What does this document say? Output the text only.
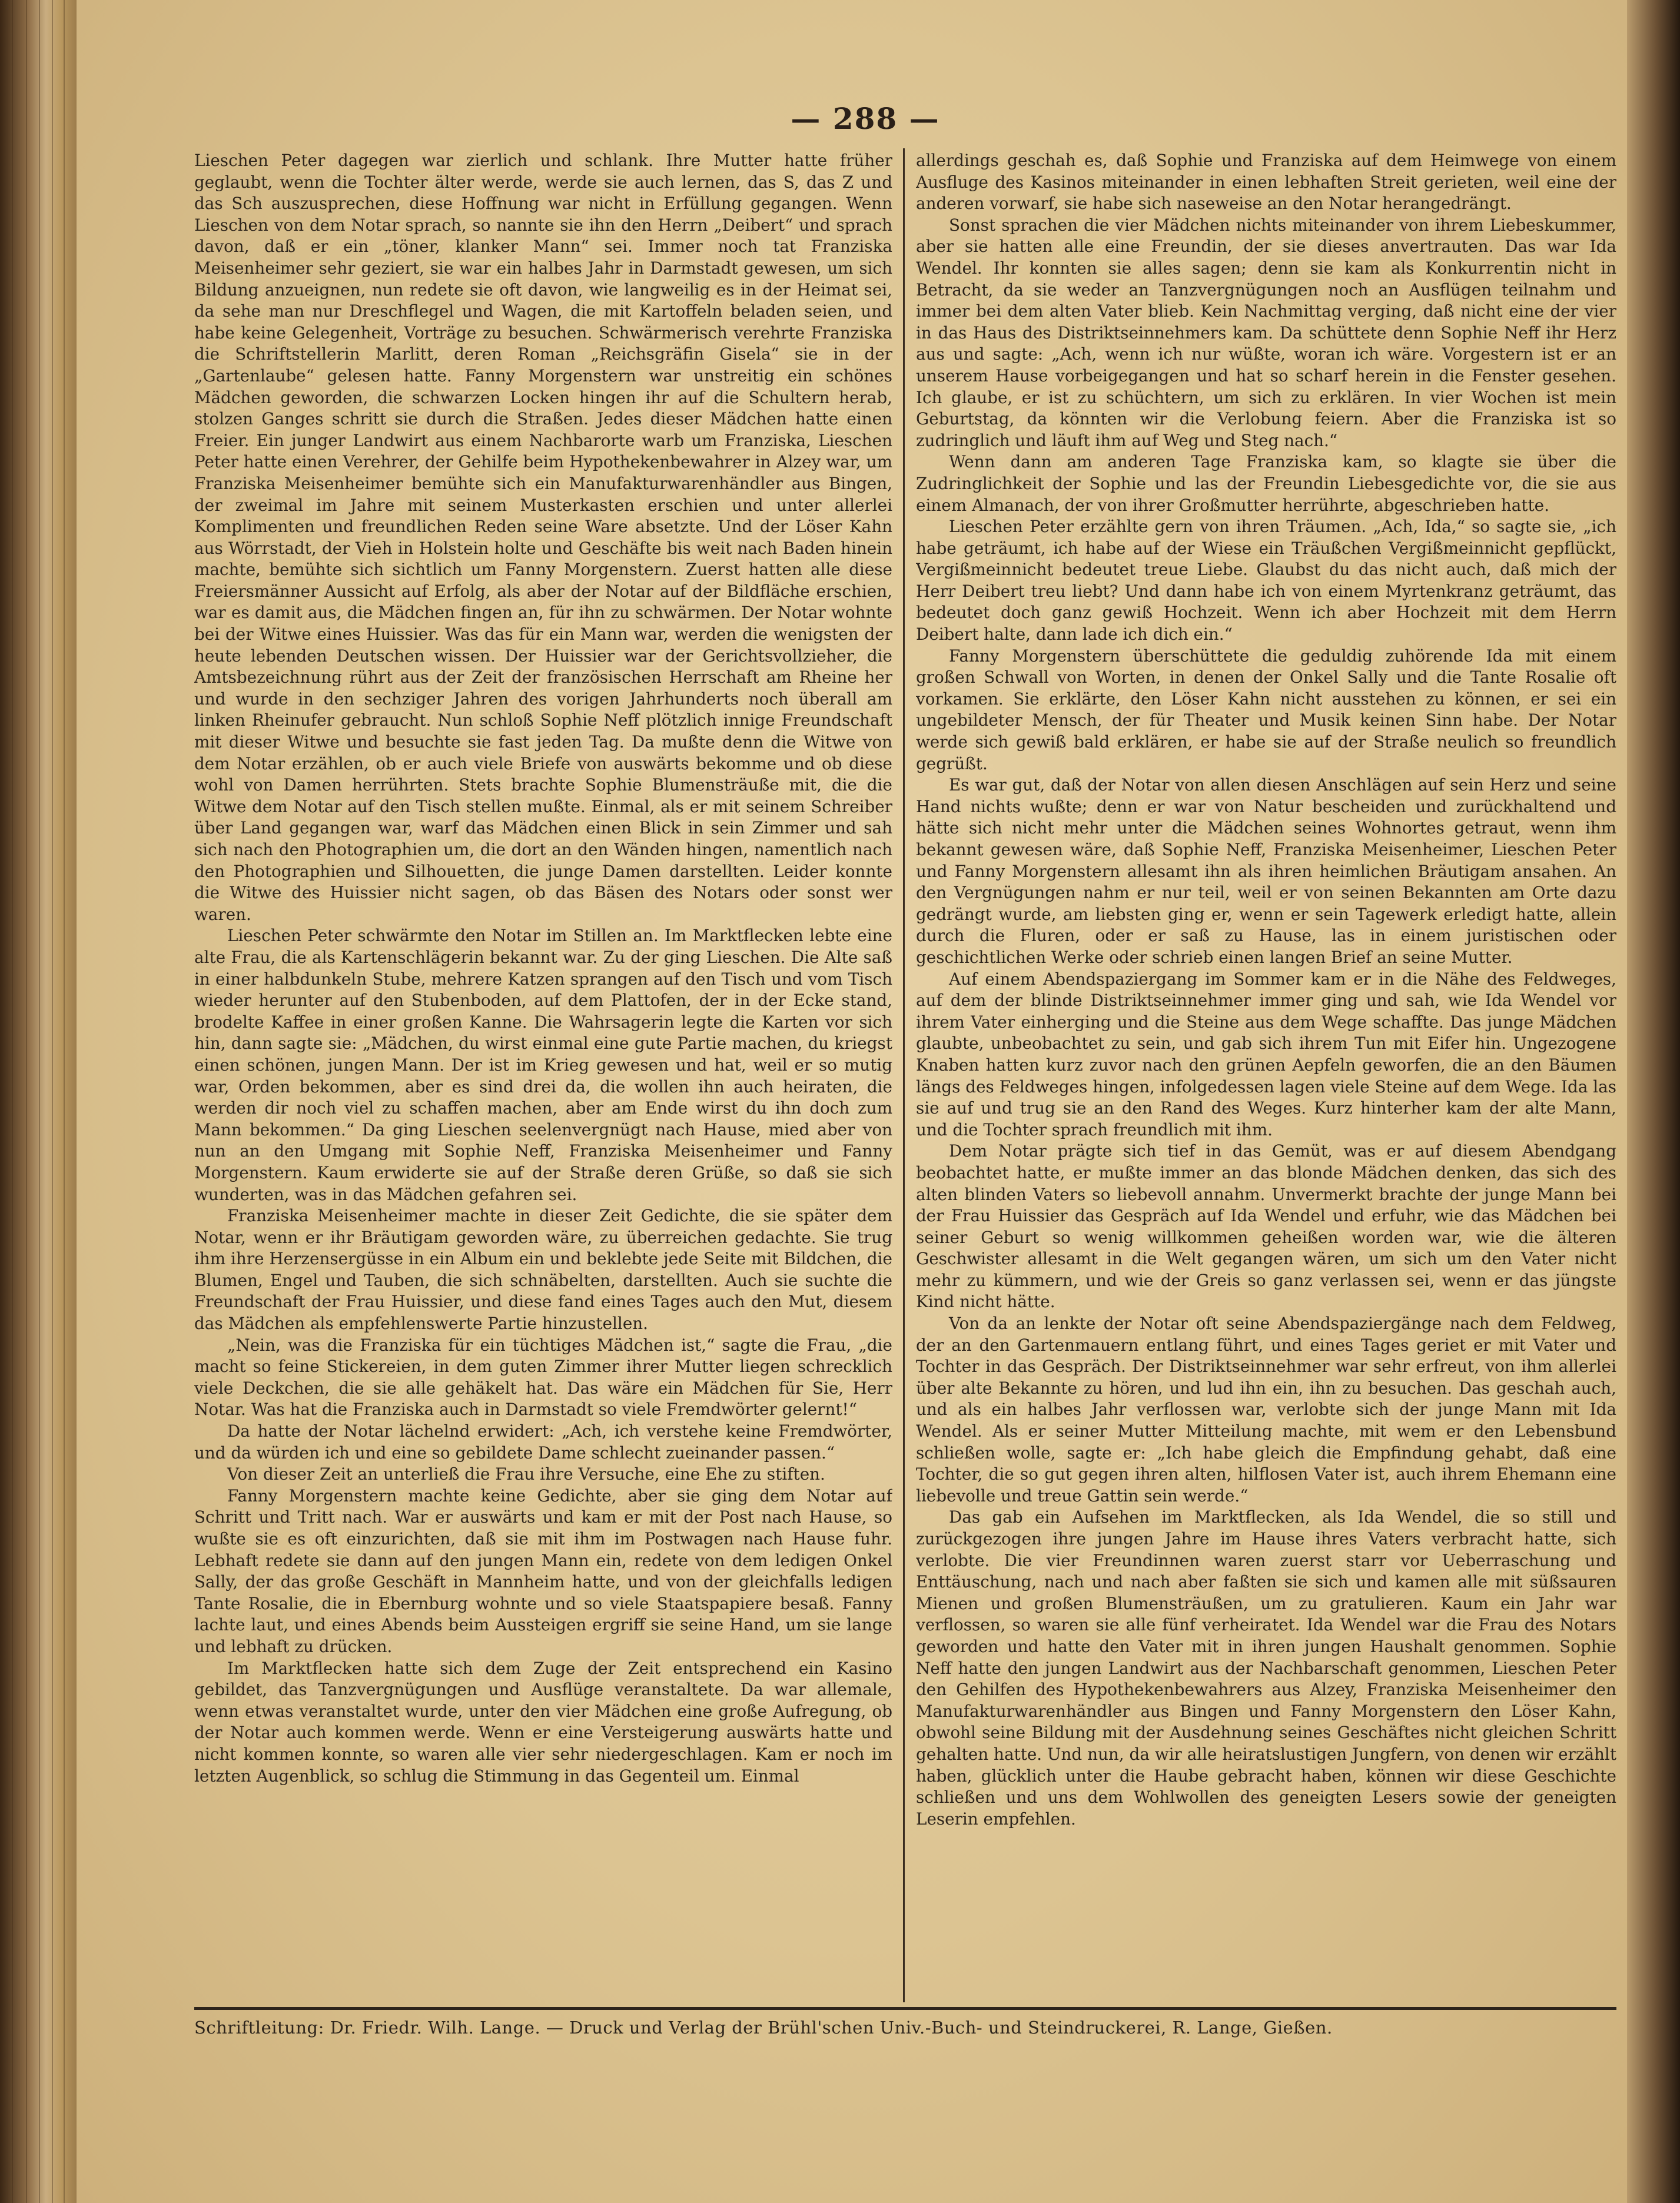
— 288 —

Lieschen Peter dagegen war zierlich und schlank. Ihre Mutter hatte früher geglaubt, wenn die Tochter älter werde, werde sie auch lernen, das S, das Z und das Sch auszusprechen, diese Hoffnung war nicht in Erfüllung gegangen. Wenn Lieschen von dem Notar sprach, so nannte sie ihn den Herrn „Deibert“ und sprach davon, daß er ein „töner, klanker Mann“ sei. Immer noch tat Franziska Meisenheimer sehr geziert, sie war ein halbes Jahr in Darmstadt gewesen, um sich Bildung anzueignen, nun redete sie oft davon, wie langweilig es in der Heimat sei, da sehe man nur Dreschflegel und Wagen, die mit Kartoffeln beladen seien, und habe keine Gelegenheit, Vorträge zu besuchen. Schwärmerisch verehrte Franziska die Schriftstellerin Marlitt, deren Roman „Reichsgräfin Gisela“ sie in der „Gartenlaube“ gelesen hatte. Fanny Morgenstern war unstreitig ein schönes Mädchen geworden, die schwarzen Locken hingen ihr auf die Schultern herab, stolzen Ganges schritt sie durch die Straßen. Jedes dieser Mädchen hatte einen Freier. Ein junger Landwirt aus einem Nachbarorte warb um Franziska, Lieschen Peter hatte einen Verehrer, der Gehilfe beim Hypothekenbewahrer in Alzey war, um Franziska Meisenheimer bemühte sich ein Manufakturwarenhändler aus Bingen, der zweimal im Jahre mit seinem Musterkasten erschien und unter allerlei Komplimenten und freundlichen Reden seine Ware absetzte. Und der Löser Kahn aus Wörrstadt, der Vieh in Holstein holte und Geschäfte bis weit nach Baden hinein machte, bemühte sich sichtlich um Fanny Morgenstern. Zuerst hatten alle diese Freiersmänner Aussicht auf Erfolg, als aber der Notar auf der Bildfläche erschien, war es damit aus, die Mädchen fingen an, für ihn zu schwärmen. Der Notar wohnte bei der Witwe eines Huissier. Was das für ein Mann war, werden die wenigsten der heute lebenden Deutschen wissen. Der Huissier war der Gerichtsvollzieher, die Amtsbezeichnung rührt aus der Zeit der französischen Herrschaft am Rheine her und wurde in den sechziger Jahren des vorigen Jahrhunderts noch überall am linken Rheinufer gebraucht. Nun schloß Sophie Neff plötzlich innige Freundschaft mit dieser Witwe und besuchte sie fast jeden Tag. Da mußte denn die Witwe von dem Notar erzählen, ob er auch viele Briefe von auswärts bekomme und ob diese wohl von Damen herrührten. Stets brachte Sophie Blumensträuße mit, die die Witwe dem Notar auf den Tisch stellen mußte. Einmal, als er mit seinem Schreiber über Land gegangen war, warf das Mädchen einen Blick in sein Zimmer und sah sich nach den Photographien um, die dort an den Wänden hingen, namentlich nach den Photographien und Silhouetten, die junge Damen darstellten. Leider konnte die Witwe des Huissier nicht sagen, ob das Bäsen des Notars oder sonst wer waren.

Lieschen Peter schwärmte den Notar im Stillen an. Im Marktflecken lebte eine alte Frau, die als Kartenschlägerin bekannt war. Zu der ging Lieschen. Die Alte saß in einer halbdunkeln Stube, mehrere Katzen sprangen auf den Tisch und vom Tisch wieder herunter auf den Stubenboden, auf dem Plattofen, der in der Ecke stand, brodelte Kaffee in einer großen Kanne. Die Wahrsagerin legte die Karten vor sich hin, dann sagte sie: „Mädchen, du wirst einmal eine gute Partie machen, du kriegst einen schönen, jungen Mann. Der ist im Krieg gewesen und hat, weil er so mutig war, Orden bekommen, aber es sind drei da, die wollen ihn auch heiraten, die werden dir noch viel zu schaffen machen, aber am Ende wirst du ihn doch zum Mann bekommen.“ Da ging Lieschen seelenvergnügt nach Hause, mied aber von nun an den Umgang mit Sophie Neff, Franziska Meisenheimer und Fanny Morgenstern. Kaum erwiderte sie auf der Straße deren Grüße, so daß sie sich wunderten, was in das Mädchen gefahren sei.

Franziska Meisenheimer machte in dieser Zeit Gedichte, die sie später dem Notar, wenn er ihr Bräutigam geworden wäre, zu überreichen gedachte. Sie trug ihm ihre Herzensergüsse in ein Album ein und beklebte jede Seite mit Bildchen, die Blumen, Engel und Tauben, die sich schnäbelten, darstellten. Auch sie suchte die Freundschaft der Frau Huissier, und diese fand eines Tages auch den Mut, diesem das Mädchen als empfehlenswerte Partie hinzustellen.

„Nein, was die Franziska für ein tüchtiges Mädchen ist,“ sagte die Frau, „die macht so feine Stickereien, in dem guten Zimmer ihrer Mutter liegen schrecklich viele Deckchen, die sie alle gehäkelt hat. Das wäre ein Mädchen für Sie, Herr Notar. Was hat die Franziska auch in Darmstadt so viele Fremdwörter gelernt!“

Da hatte der Notar lächelnd erwidert: „Ach, ich verstehe keine Fremdwörter, und da würden ich und eine so gebildete Dame schlecht zueinander passen.“

Von dieser Zeit an unterließ die Frau ihre Versuche, eine Ehe zu stiften.

Fanny Morgenstern machte keine Gedichte, aber sie ging dem Notar auf Schritt und Tritt nach. War er auswärts und kam er mit der Post nach Hause, so wußte sie es oft einzurichten, daß sie mit ihm im Postwagen nach Hause fuhr. Lebhaft redete sie dann auf den jungen Mann ein, redete von dem ledigen Onkel Sally, der das große Geschäft in Mannheim hatte, und von der gleichfalls ledigen Tante Rosalie, die in Ebernburg wohnte und so viele Staatspapiere besaß. Fanny lachte laut, und eines Abends beim Aussteigen ergriff sie seine Hand, um sie lange und lebhaft zu drücken.

Im Marktflecken hatte sich dem Zuge der Zeit entsprechend ein Kasino gebildet, das Tanzvergnügungen und Ausflüge veranstaltete. Da war allemale, wenn etwas veranstaltet wurde, unter den vier Mädchen eine große Aufregung, ob der Notar auch kommen werde. Wenn er eine Versteigerung auswärts hatte und nicht kommen konnte, so waren alle vier sehr niedergeschlagen. Kam er noch im letzten Augenblick, so schlug die Stimmung in das Gegenteil um. Einmal

allerdings geschah es, daß Sophie und Franziska auf dem Heimwege von einem Ausfluge des Kasinos miteinander in einen lebhaften Streit gerieten, weil eine der anderen vorwarf, sie habe sich naseweise an den Notar herangedrängt.

Sonst sprachen die vier Mädchen nichts miteinander von ihrem Liebeskummer, aber sie hatten alle eine Freundin, der sie dieses anvertrauten. Das war Ida Wendel. Ihr konnten sie alles sagen; denn sie kam als Konkurrentin nicht in Betracht, da sie weder an Tanzvergnügungen noch an Ausflügen teilnahm und immer bei dem alten Vater blieb. Kein Nachmittag verging, daß nicht eine der vier in das Haus des Distriktseinnehmers kam. Da schüttete denn Sophie Neff ihr Herz aus und sagte: „Ach, wenn ich nur wüßte, woran ich wäre. Vorgestern ist er an unserem Hause vorbeigegangen und hat so scharf herein in die Fenster gesehen. Ich glaube, er ist zu schüchtern, um sich zu erklären. In vier Wochen ist mein Geburtstag, da könnten wir die Verlobung feiern. Aber die Franziska ist so zudringlich und läuft ihm auf Weg und Steg nach.“

Wenn dann am anderen Tage Franziska kam, so klagte sie über die Zudringlichkeit der Sophie und las der Freundin Liebesgedichte vor, die sie aus einem Almanach, der von ihrer Großmutter herrührte, abgeschrieben hatte.

Lieschen Peter erzählte gern von ihren Träumen. „Ach, Ida,“ so sagte sie, „ich habe geträumt, ich habe auf der Wiese ein Träußchen Vergißmeinnicht gepflückt, Vergißmeinnicht bedeutet treue Liebe. Glaubst du das nicht auch, daß mich der Herr Deibert treu liebt? Und dann habe ich von einem Myrtenkranz geträumt, das bedeutet doch ganz gewiß Hochzeit. Wenn ich aber Hochzeit mit dem Herrn Deibert halte, dann lade ich dich ein.“

Fanny Morgenstern überschüttete die geduldig zuhörende Ida mit einem großen Schwall von Worten, in denen der Onkel Sally und die Tante Rosalie oft vorkamen. Sie erklärte, den Löser Kahn nicht ausstehen zu können, er sei ein ungebildeter Mensch, der für Theater und Musik keinen Sinn habe. Der Notar werde sich gewiß bald erklären, er habe sie auf der Straße neulich so freundlich gegrüßt.

Es war gut, daß der Notar von allen diesen Anschlägen auf sein Herz und seine Hand nichts wußte; denn er war von Natur bescheiden und zurückhaltend und hätte sich nicht mehr unter die Mädchen seines Wohnortes getraut, wenn ihm bekannt gewesen wäre, daß Sophie Neff, Franziska Meisenheimer, Lieschen Peter und Fanny Morgenstern allesamt ihn als ihren heimlichen Bräutigam ansahen. An den Vergnügungen nahm er nur teil, weil er von seinen Bekannten am Orte dazu gedrängt wurde, am liebsten ging er, wenn er sein Tagewerk erledigt hatte, allein durch die Fluren, oder er saß zu Hause, las in einem juristischen oder geschichtlichen Werke oder schrieb einen langen Brief an seine Mutter.

Auf einem Abendspaziergang im Sommer kam er in die Nähe des Feldweges, auf dem der blinde Distriktseinnehmer immer ging und sah, wie Ida Wendel vor ihrem Vater einherging und die Steine aus dem Wege schaffte. Das junge Mädchen glaubte, unbeobachtet zu sein, und gab sich ihrem Tun mit Eifer hin. Ungezogene Knaben hatten kurz zuvor nach den grünen Aepfeln geworfen, die an den Bäumen längs des Feldweges hingen, infolgedessen lagen viele Steine auf dem Wege. Ida las sie auf und trug sie an den Rand des Weges. Kurz hinterher kam der alte Mann, und die Tochter sprach freundlich mit ihm.

Dem Notar prägte sich tief in das Gemüt, was er auf diesem Abendgang beobachtet hatte, er mußte immer an das blonde Mädchen denken, das sich des alten blinden Vaters so liebevoll annahm. Unvermerkt brachte der junge Mann bei der Frau Huissier das Gespräch auf Ida Wendel und erfuhr, wie das Mädchen bei seiner Geburt so wenig willkommen geheißen worden war, wie die älteren Geschwister allesamt in die Welt gegangen wären, um sich um den Vater nicht mehr zu kümmern, und wie der Greis so ganz verlassen sei, wenn er das jüngste Kind nicht hätte.

Von da an lenkte der Notar oft seine Abendspaziergänge nach dem Feldweg, der an den Gartenmauern entlang führt, und eines Tages geriet er mit Vater und Tochter in das Gespräch. Der Distriktseinnehmer war sehr erfreut, von ihm allerlei über alte Bekannte zu hören, und lud ihn ein, ihn zu besuchen. Das geschah auch, und als ein halbes Jahr verflossen war, verlobte sich der junge Mann mit Ida Wendel. Als er seiner Mutter Mitteilung machte, mit wem er den Lebensbund schließen wolle, sagte er: „Ich habe gleich die Empfindung gehabt, daß eine Tochter, die so gut gegen ihren alten, hilflosen Vater ist, auch ihrem Ehemann eine liebevolle und treue Gattin sein werde.“

Das gab ein Aufsehen im Marktflecken, als Ida Wendel, die so still und zurückgezogen ihre jungen Jahre im Hause ihres Vaters verbracht hatte, sich verlobte. Die vier Freundinnen waren zuerst starr vor Ueberraschung und Enttäuschung, nach und nach aber faßten sie sich und kamen alle mit süßsauren Mienen und großen Blumensträußen, um zu gratulieren. Kaum ein Jahr war verflossen, so waren sie alle fünf verheiratet. Ida Wendel war die Frau des Notars geworden und hatte den Vater mit in ihren jungen Haushalt genommen. Sophie Neff hatte den jungen Landwirt aus der Nachbarschaft genommen, Lieschen Peter den Gehilfen des Hypothekenbewahrers aus Alzey, Franziska Meisenheimer den Manufakturwarenhändler aus Bingen und Fanny Morgenstern den Löser Kahn, obwohl seine Bildung mit der Ausdehnung seines Geschäftes nicht gleichen Schritt gehalten hatte. Und nun, da wir alle heiratslustigen Jungfern, von denen wir erzählt haben, glücklich unter die Haube gebracht haben, können wir diese Geschichte schließen und uns dem Wohlwollen des geneigten Lesers sowie der geneigten Leserin empfehlen.

Schriftleitung: Dr. Friedr. Wilh. Lange. — Druck und Verlag der Brühl'schen Univ.-Buch- und Steindruckerei, R. Lange, Gießen.
